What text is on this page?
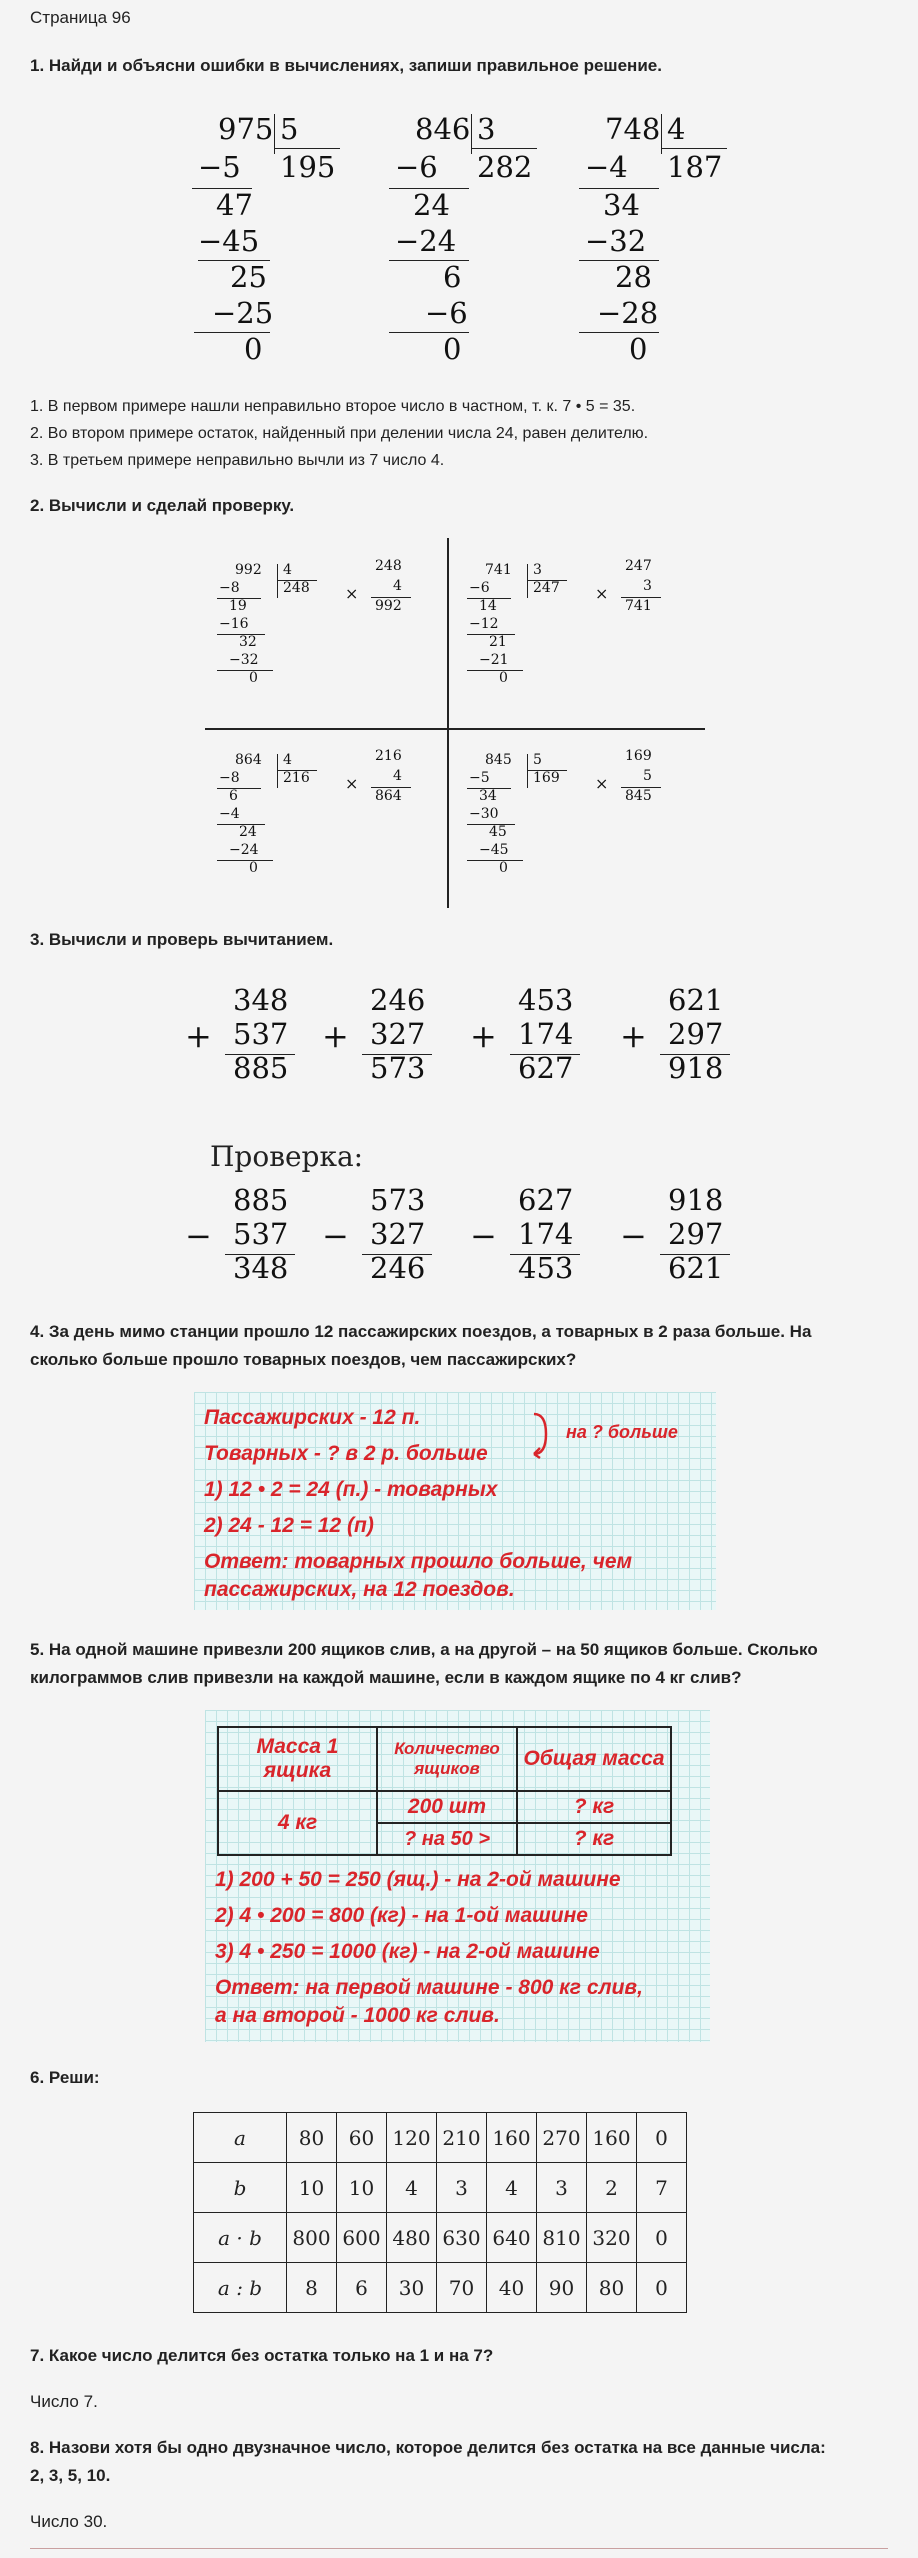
Страница 96
1. Найди и объясни ошибки в вычислениях, запиши правильное решение.
975 5
195
−5
47
−45
25
−25
0
846 3
282
−6
24
−24
6
−6
0
748 4
187
−4
34
−32
28
−28
0
1. В первом примере нашли неправильно второе число в частном, т. к. 7 • 5 = 35.
2. Во втором примере остаток, найденный при делении числа 24, равен делителю.
3. В третьем примере неправильно вычли из 7 число 4.
2. Вычисли и сделай проверку.
992 4
248
−8
19
−16
32
−32
0
×
248
4
992
741 3
247
−6
14
−12
21
−21
0
×
247
3
741
864 4
216
−8
6
−4
24
−24
0
×
216
4
864
845 5
169
−5
34
−30
45
−45
0
×
169
5
845
3. Вычисли и проверь вычитанием.
+
348
537
885
+
246
327
573
+
453
174
627
+
621
297
918
Проверка:
−
885
537
348
−
573
327
246
−
627
174
453
−
918
297
621
4. За день мимо станции прошло 12 пассажирских поездов, а товарных в 2 раза больше. На
сколько больше прошло товарных поездов, чем пассажирских?
Пассажирских - 12 п.
Товарных - ? в 2 р. больше
на ? больше
1) 12 • 2 = 24 (п.) - товарных
2) 24 - 12 = 12 (п)
Ответ: товарных прошло больше, чем
пассажирских, на 12 поездов.
5. На одной машине привезли 200 ящиков слив, а на другой – на 50 ящиков больше. Сколько
килограммов слив привезли на каждой машине, если в каждом ящике по 4 кг слив?
Масса 1 ящика	Количество ящиков	Общая масса
4 кг	200 шт	? кг
	? на 50 >	? кг
1) 200 + 50 = 250 (ящ.) - на 2-ой машине
2) 4 • 200 = 800 (кг) - на 1-ой машине
3) 4 • 250 = 1000 (кг) - на 2-ой машине
Ответ: на первой машине - 800 кг слив,
а на второй - 1000 кг слив.
6. Реши:
a	80	60	120	210	160	270	160	0
b	10	10	4	3	4	3	2	7
a · b	800	600	480	630	640	810	320	0
a : b	8	6	30	70	40	90	80	0
7. Какое число делится без остатка только на 1 и на 7?
Число 7.
8. Назови хотя бы одно двузначное число, которое делится без остатка на все данные числа:
2, 3, 5, 10.
Число 30.
